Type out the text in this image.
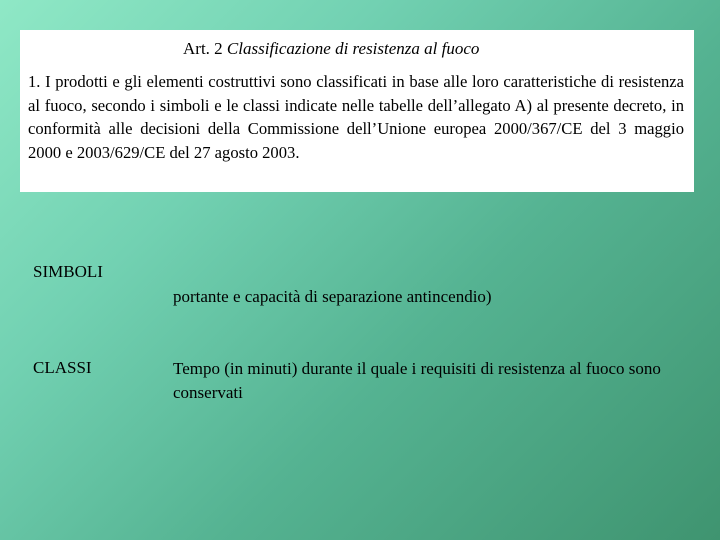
Art. 2 Classificazione di resistenza al fuoco
1. I prodotti e gli elementi costruttivi sono classificati in base alle loro caratteristiche di resistenza al fuoco, secondo i simboli e le classi indicate nelle tabelle dell’allegato A) al presente decreto, in conformità alle decisioni della Commissione dell’Unione europea 2000/367/CE del 3 maggio 2000 e 2003/629/CE del 27 agosto 2003.
SIMBOLI
portante e capacità di separazione antincendio)
CLASSI	Tempo (in minuti) durante il quale i requisiti di resistenza al fuoco sono conservati
